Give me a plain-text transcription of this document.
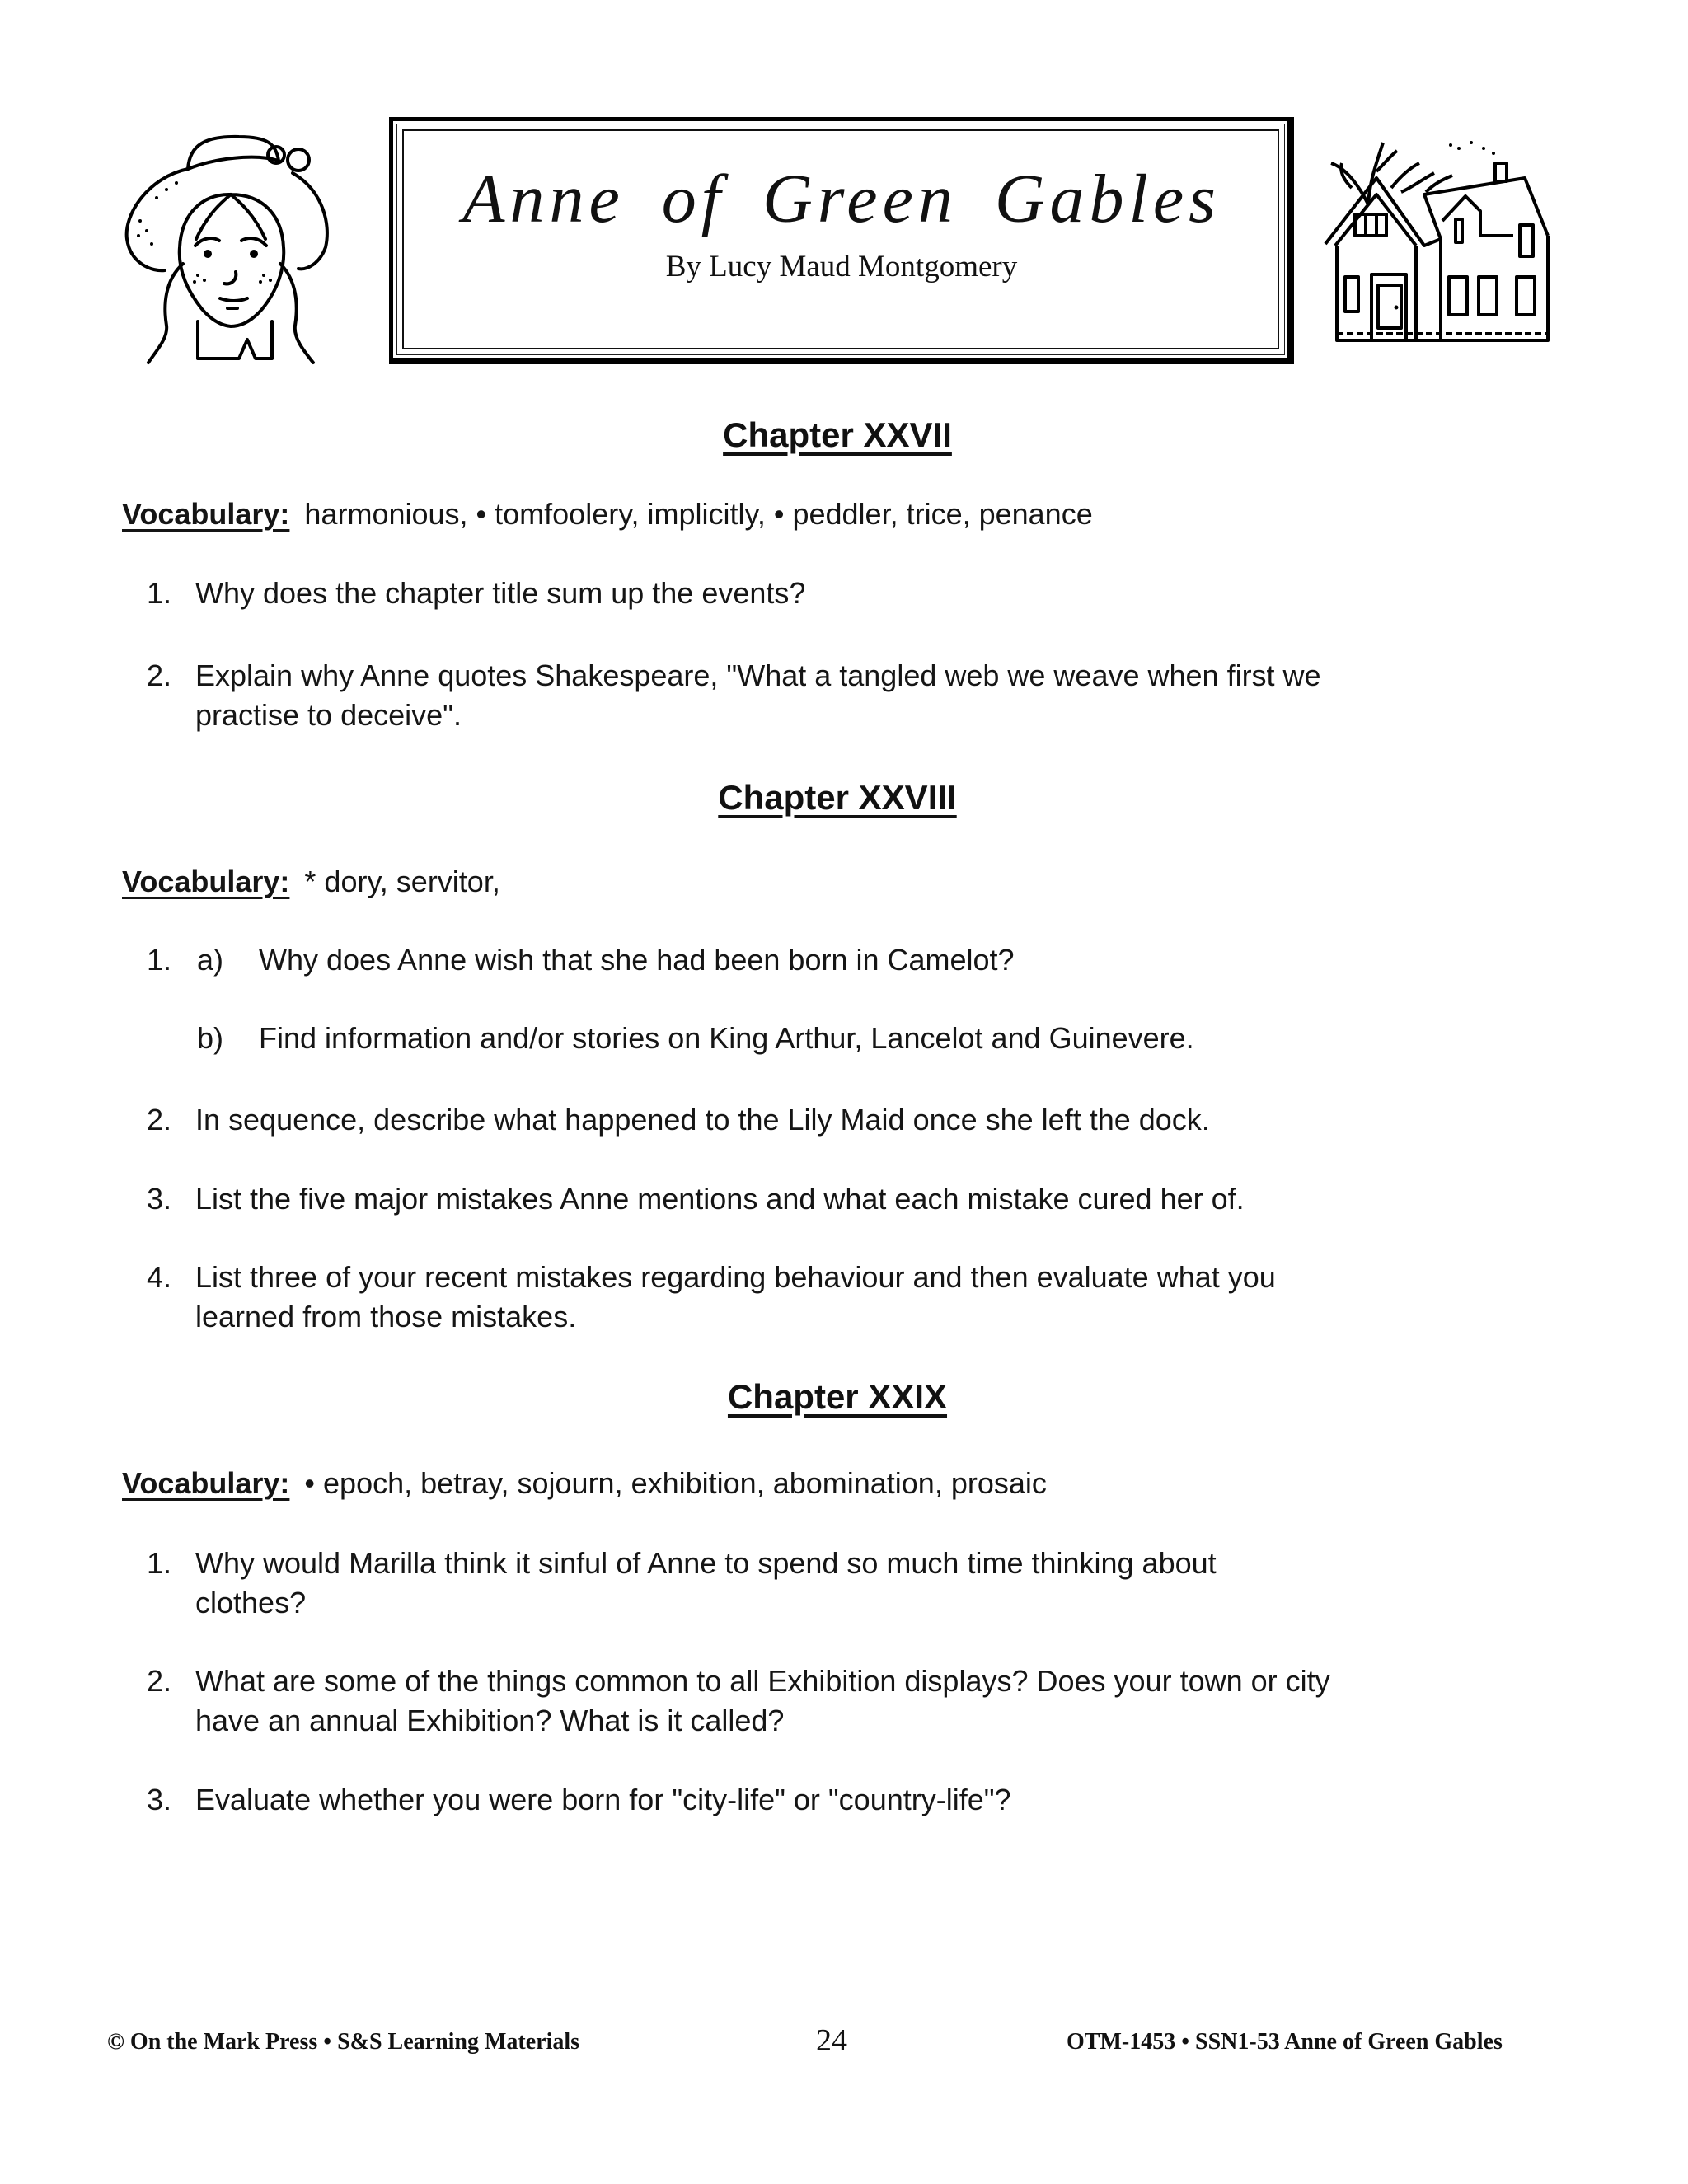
Anne of Green Gables
By Lucy Maud Montgomery
Chapter XXVII
Vocabulary: harmonious, • tomfoolery, implicitly, • peddler, trice, penance
1. Why does the chapter title sum up the events?
2. Explain why Anne quotes Shakespeare, "What a tangled web we weave when first we
practise to deceive".
Chapter XXVIII
Vocabulary: * dory, servitor,
1. a) Why does Anne wish that she had been born in Camelot?
b) Find information and/or stories on King Arthur, Lancelot and Guinevere.
2. In sequence, describe what happened to the Lily Maid once she left the dock.
3. List the five major mistakes Anne mentions and what each mistake cured her of.
4. List three of your recent mistakes regarding behaviour and then evaluate what you
learned from those mistakes.
Chapter XXIX
Vocabulary: • epoch, betray, sojourn, exhibition, abomination, prosaic
1. Why would Marilla think it sinful of Anne to spend so much time thinking about
clothes?
2. What are some of the things common to all Exhibition displays? Does your town or city
have an annual Exhibition? What is it called?
3. Evaluate whether you were born for "city-life" or "country-life"?
© On the Mark Press • S&S Learning Materials	24	OTM-1453 • SSN1-53 Anne of Green Gables
